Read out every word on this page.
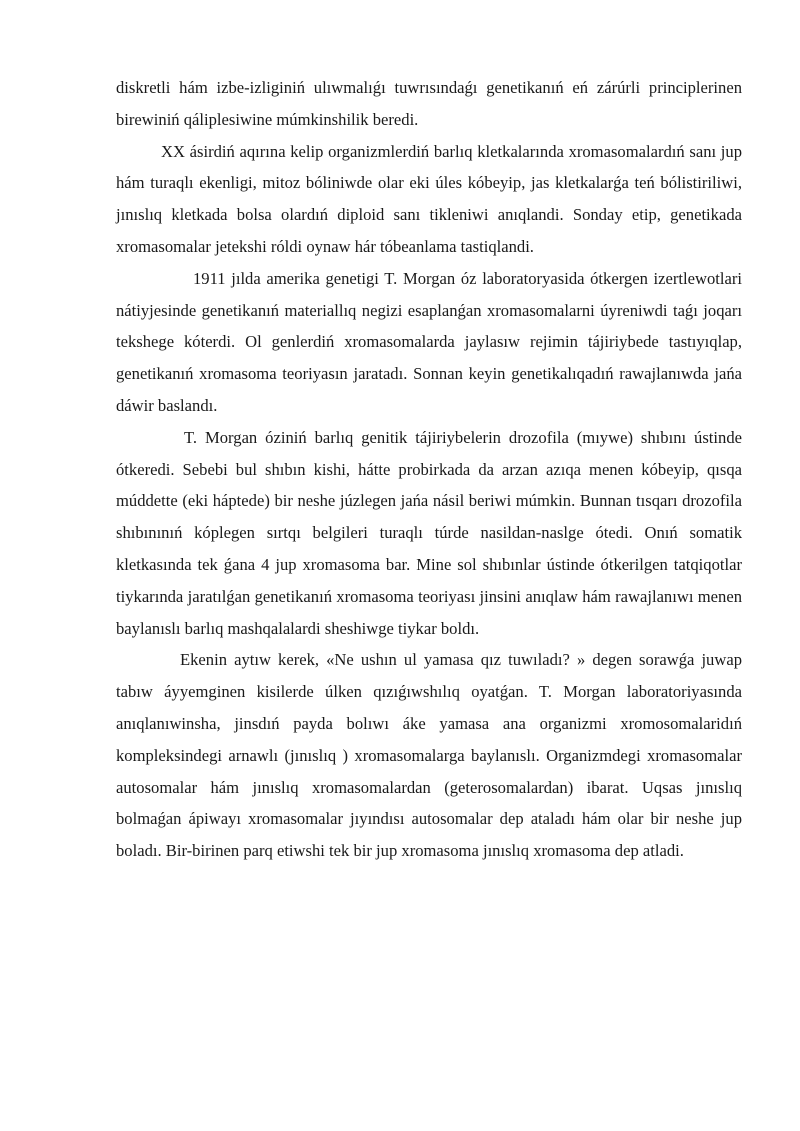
diskretli hám izbe-izliginiń ulıwmalıǵı tuwrısındaǵı genetikanıń eń zárúrli principlerinen birewiniń qáliplesiwine múmkinshilik beredi.

XX ásirdiń aqırına kelip organizmlerdiń barlıq kletkalarında xromasomalardıń sanı jup hám turaqlı ekenligi, mitoz bóliniwde olar eki úles kóbeyip, jas kletkalarǵa teń bólistiriliwi, jınıslıq kletkada bolsa olardıń diploid sanı tikleniwi anıqlandi. Sonday etip, genetikada xromasomalar jetekshi róldi oynaw hár tóbeanlama tastiqlandi.

1911 jılda amerika genetigi T. Morgan óz laboratoryasida ótkergen izertlewotlari nátiyjesinde genetikanıń materiallıq negizi esaplanǵan xromasomalarni úyreniwdi taǵı joqarı tekshege kóterdi. Ol genlerdiń xromasomalarda jaylasıw rejimin tájiriybede tastıyıqlap, genetikanıń xromasoma teoriyasın jaratadı. Sonnan keyin genetikalıqadıń rawajlanıwda jańa dáwir baslandı.

T. Morgan óziniń barlıq genitik tájiriybelerin drozofila (mıywe) shıbını ústinde ótkeredi. Sebebi bul shıbın kishi, hátte probirkada da arzan azıqa menen kóbeyip, qısqa múddette (eki háptede) bir neshe júzlegen jańa násil beriwi múmkin. Bunnan tısqarı drozofila shıbınınıń kóplegen sırtqı belgileri turaqlı túrde nasildan-naslge ótedi. Onıń somatik kletkasında tek ǵana 4 jup xromasoma bar. Mine sol shıbınlar ústinde ótkerilgen tatqiqotlar tiykarında jaratılǵan genetikanıń xromasoma teoriyası jinsini anıqlaw hám rawajlanıwı menen baylanıslı barlıq mashqalalardi sheshiwge tiykar boldı.

Ekenin aytıw kerek, «Ne ushın ul yamasa qız tuwıladı? » degen sorawǵa juwap tabıw áyyemginen kisilerde úlken qızıǵıwshılıq oyatǵan. T. Morgan laboratoriyasında anıqlanıwinsha, jinsdıń payda bolıwı áke yamasa ana organizmi xromosomalaridıń kompleksindegi arnawlı (jınıslıq ) xromasomalarga baylanıslı. Organizmdegi xromasomalar autosomalar hám jınıslıq xromasomalardan (geterosomalardan) ibarat. Uqsas jınıslıq bolmaǵan ápiwayı xromasomalar jıyındısı autosomalar dep ataladı hám olar bir neshe jup boladı. Bir-birinen parq etiwshi tek bir jup xromasoma jınıslıq xromasoma dep atladi.
